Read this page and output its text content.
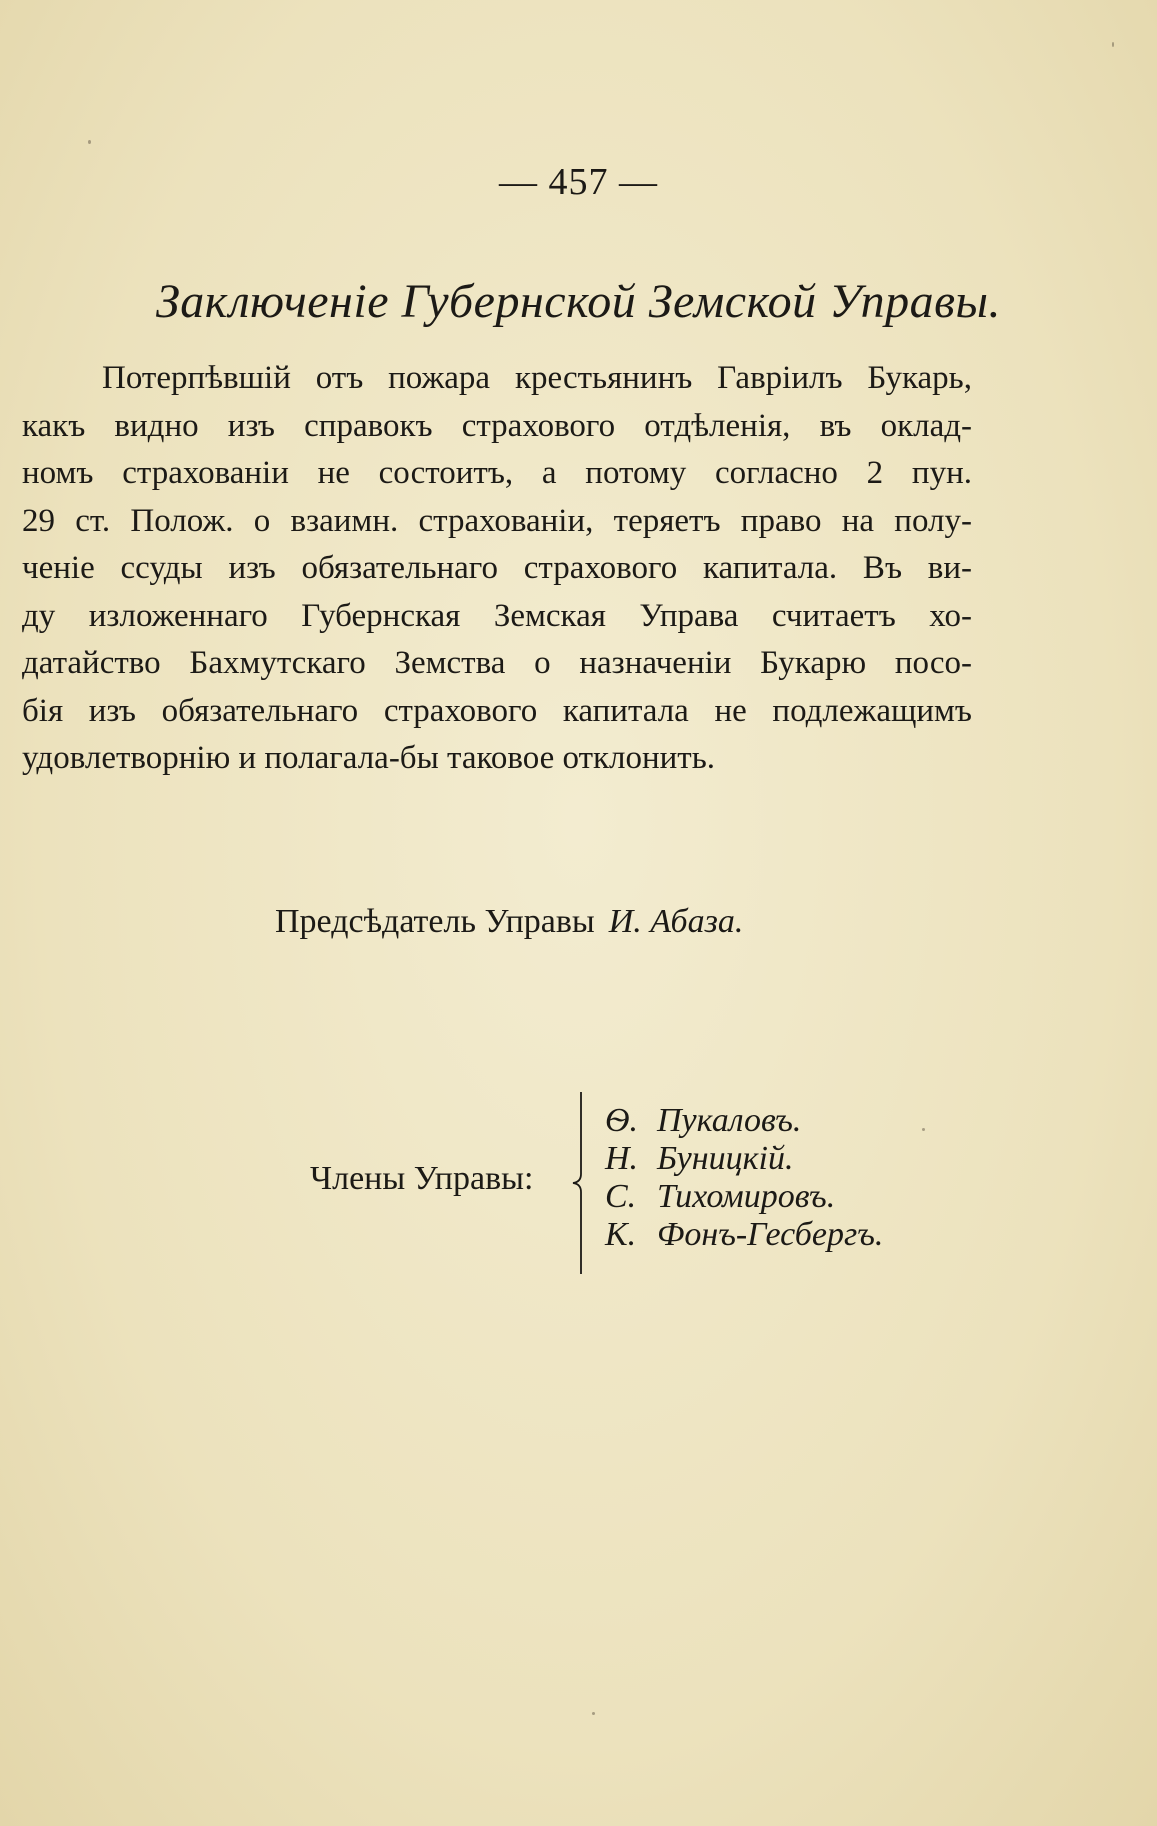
— 457 —
Заключенie Губернской Земской Управы.
Потерпѣвшiй отъ пожара крестьянинъ Гаврiилъ Букарь,
какъ видно изъ справокъ страхового отдѣленiя, въ оклад-
номъ страхованiи не состоитъ, а потому согласно 2 пун.
29 ст. Полож. о взаимн. страхованiи, теряетъ право на полу-
ченiе ссуды изъ обязательнаго страхового капитала. Въ ви-
ду изложеннаго Губернская Земская Управа считаетъ хо-
датайство Бахмутскаго Земства о назначенiи Букарю посо-
бiя изъ обязательнаго страхового капитала не подлежащимъ
удовлетворнiю и полагала-бы таковое отклонить.
Предсѣдатель Управы И. Абаза.
Члены Управы:
Ѳ. Пукаловъ.
Н. Буницкiй.
С. Тихомировъ.
К. Фонъ-Гесбергъ.
